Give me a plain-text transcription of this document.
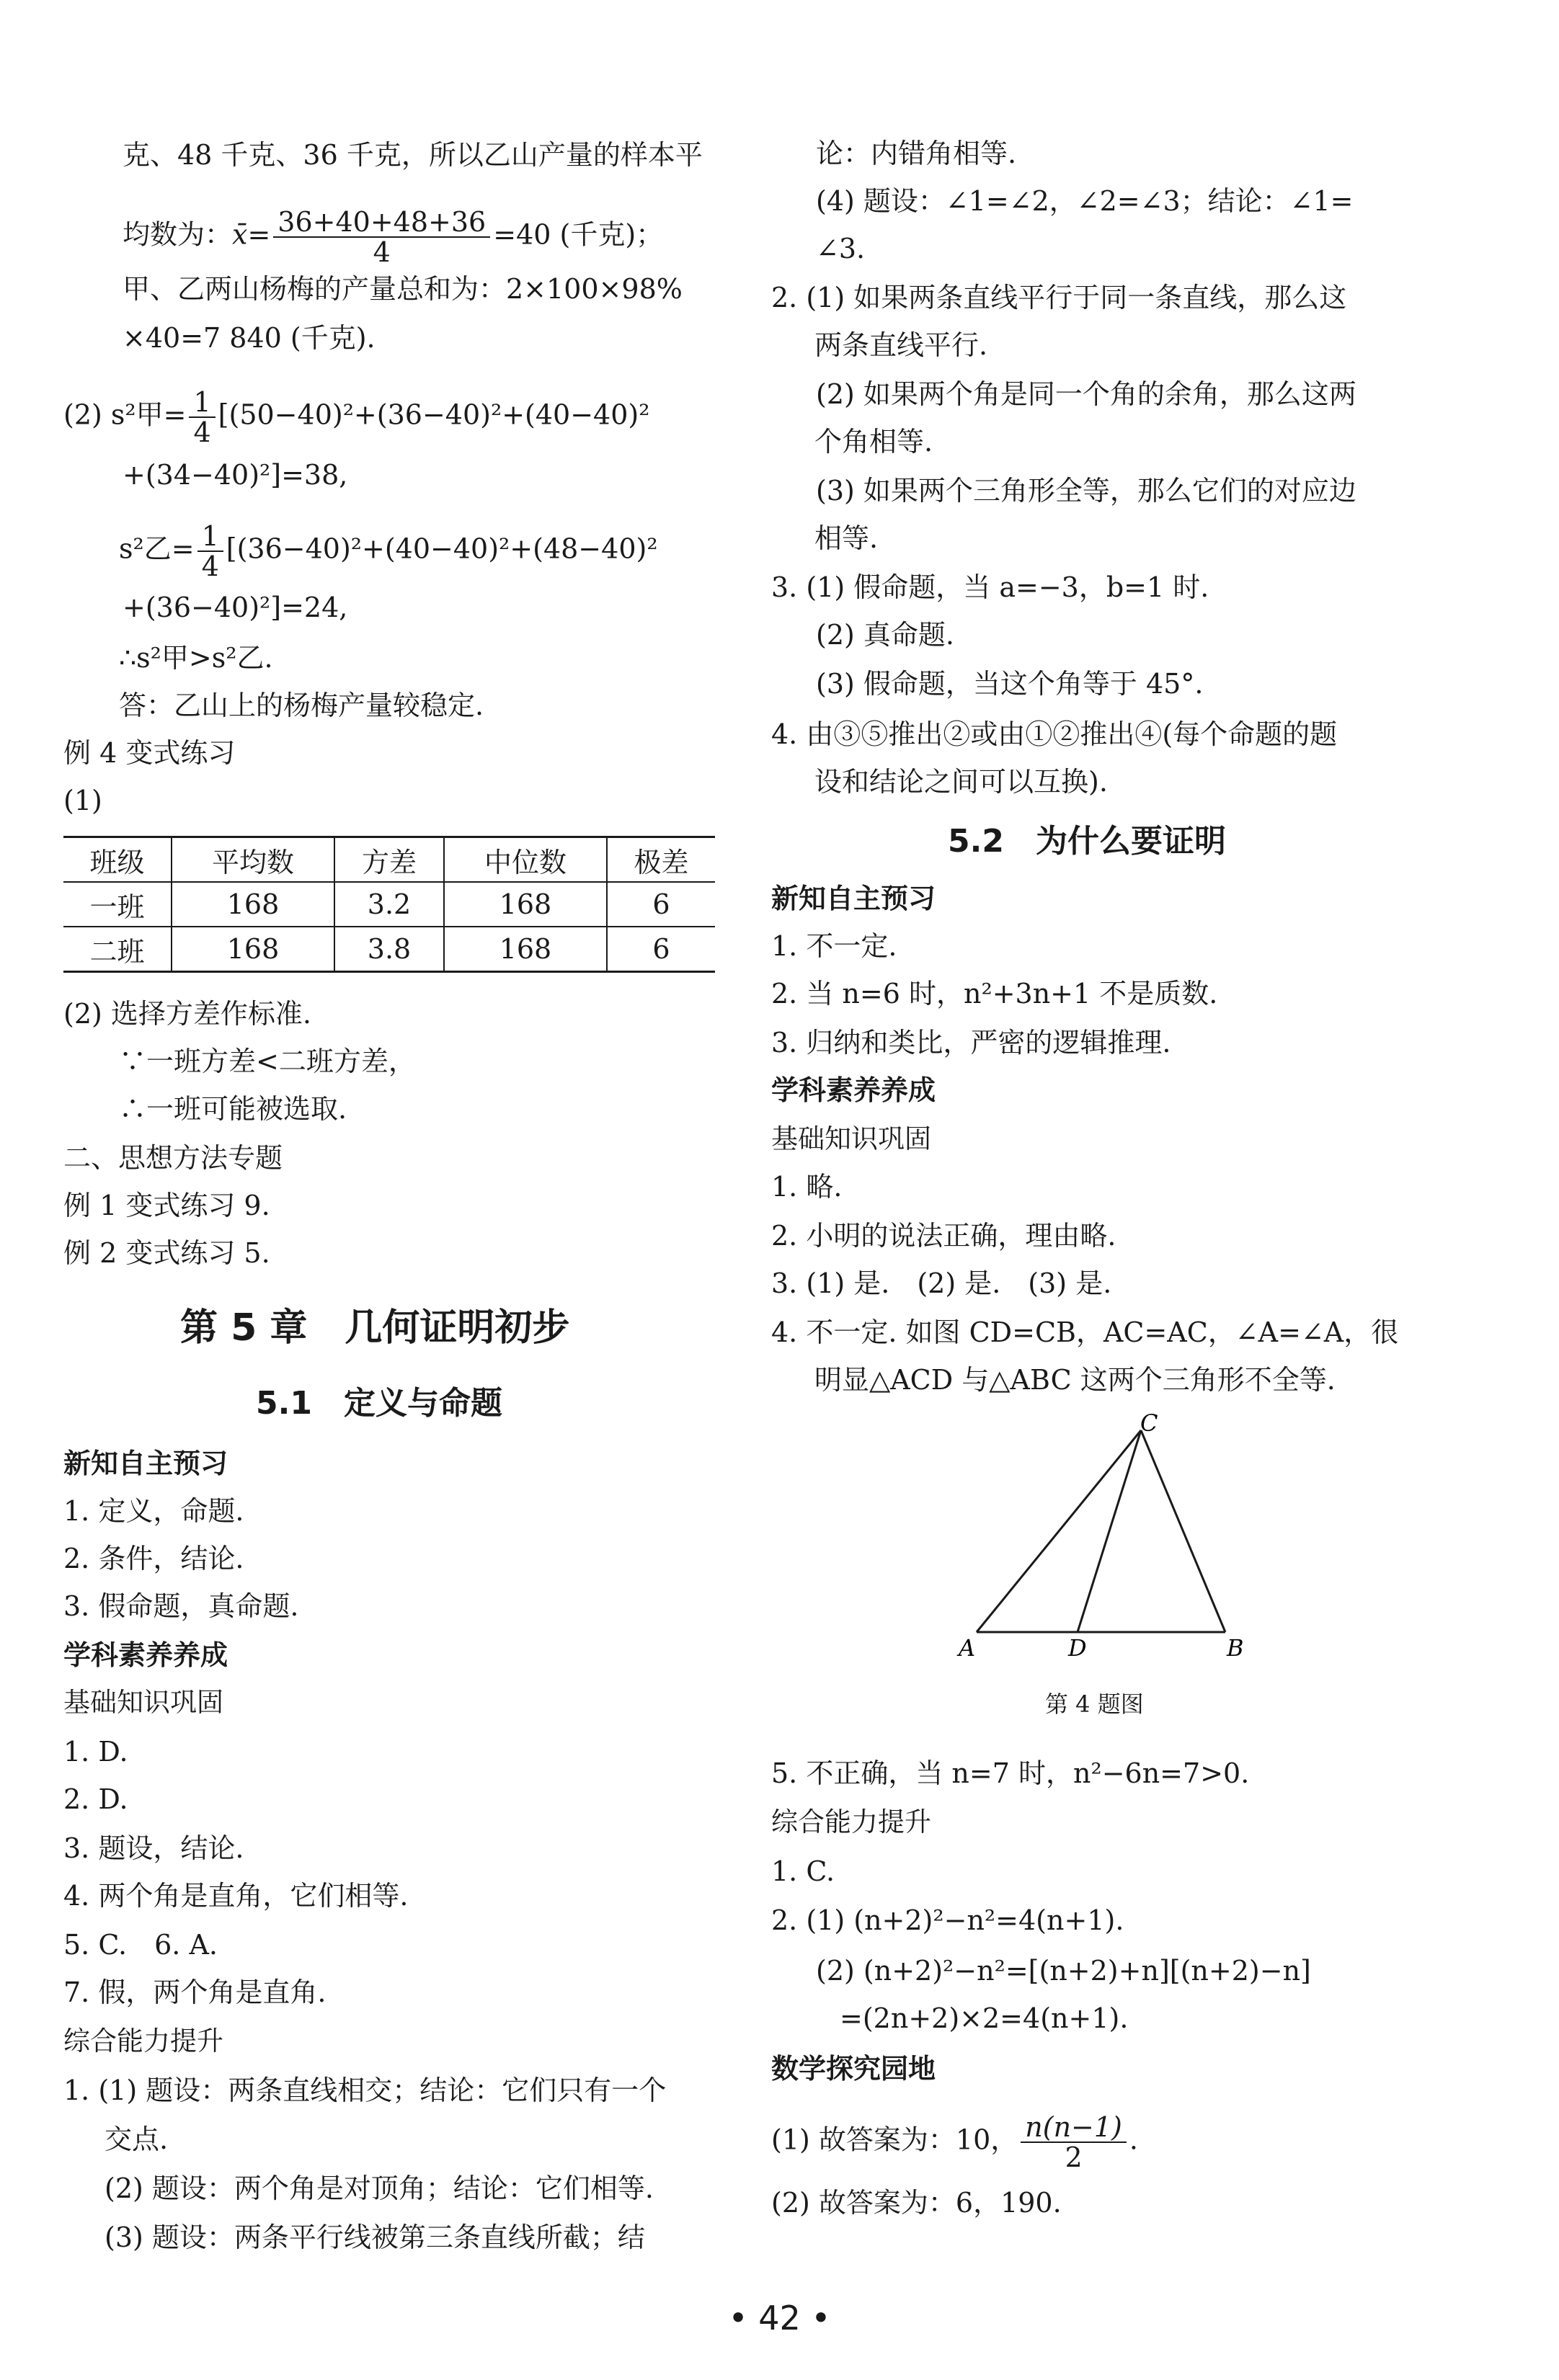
克、48 千克、36 千克，所以乙山产量的样本平
均数为：x̄= $\frac{36+40+48+36}{4} =40$ (千克)；
甲、乙两山杨梅的产量总和为：2×100×98%
×40=7 840 (千克).
(2) s²甲= $\frac{1}{4} [(50-40)^2+(36-40)^2+(40-40)^2$
+(34−40)²]=38,
s²乙= $\frac{1}{4} [(36-40)^2+(40-40)^2+(48-40)^2$
+(36−40)²]=24,
∴s²甲>s²乙.
答：乙山上的杨梅产量较稳定.
例 4 变式练习
(1)
班级	平均数	方差	中位数	极差
一班	168	3.2	168	6
二班	168	3.8	168	6
(2) 选择方差作标准.
∵一班方差<二班方差，
∴一班可能被选取.
二、思想方法专题
例 1 变式练习 9.
例 2 变式练习 5.
第 5 章　几何证明初步
5.1　定义与命题
新知自主预习
1. 定义，命题.
2. 条件，结论.
3. 假命题，真命题.
学科素养养成
基础知识巩固
1. D.
2. D.
3. 题设，结论.
4. 两个角是直角，它们相等.
5. C.　6. A.
7. 假，两个角是直角.
综合能力提升
1. (1) 题设：两条直线相交；结论：它们只有一个
交点.
(2) 题设：两个角是对顶角；结论：它们相等.
(3) 题设：两条平行线被第三条直线所截；结
论：内错角相等.
(4) 题设：∠1=∠2，∠2=∠3；结论：∠1=
∠3.
2. (1) 如果两条直线平行于同一条直线，那么这
两条直线平行.
(2) 如果两个角是同一个角的余角，那么这两
个角相等.
(3) 如果两个三角形全等，那么它们的对应边
相等.
3. (1) 假命题，当 a=−3，b=1 时.
(2) 真命题.
(3) 假命题，当这个角等于 45°.
4. 由③⑤推出②或由①②推出④(每个命题的题
设和结论之间可以互换).
5.2　为什么要证明
新知自主预习
1. 不一定.
2. 当 n=6 时，n²+3n+1 不是质数.
3. 归纳和类比，严密的逻辑推理.
学科素养养成
基础知识巩固
1. 略.
2. 小明的说法正确，理由略.
3. (1) 是.　(2) 是.　(3) 是.
4. 不一定. 如图 CD=CB，AC=AC，∠A=∠A，很
明显△ACD 与△ABC 这两个三角形不全等.
A	D	B
C
第 4 题图
5. 不正确，当 n=7 时，n²−6n=7>0.
综合能力提升
1. C.
2. (1) (n+2)²−n²=4(n+1).
(2) (n+2)²−n²=[(n+2)+n][(n+2)−n]
=(2n+2)×2=4(n+1).
数学探究园地
(1) 故答案为：10， $\frac{n(n-1)}{2}$ .
(2) 故答案为：6，190.
• 42 •
